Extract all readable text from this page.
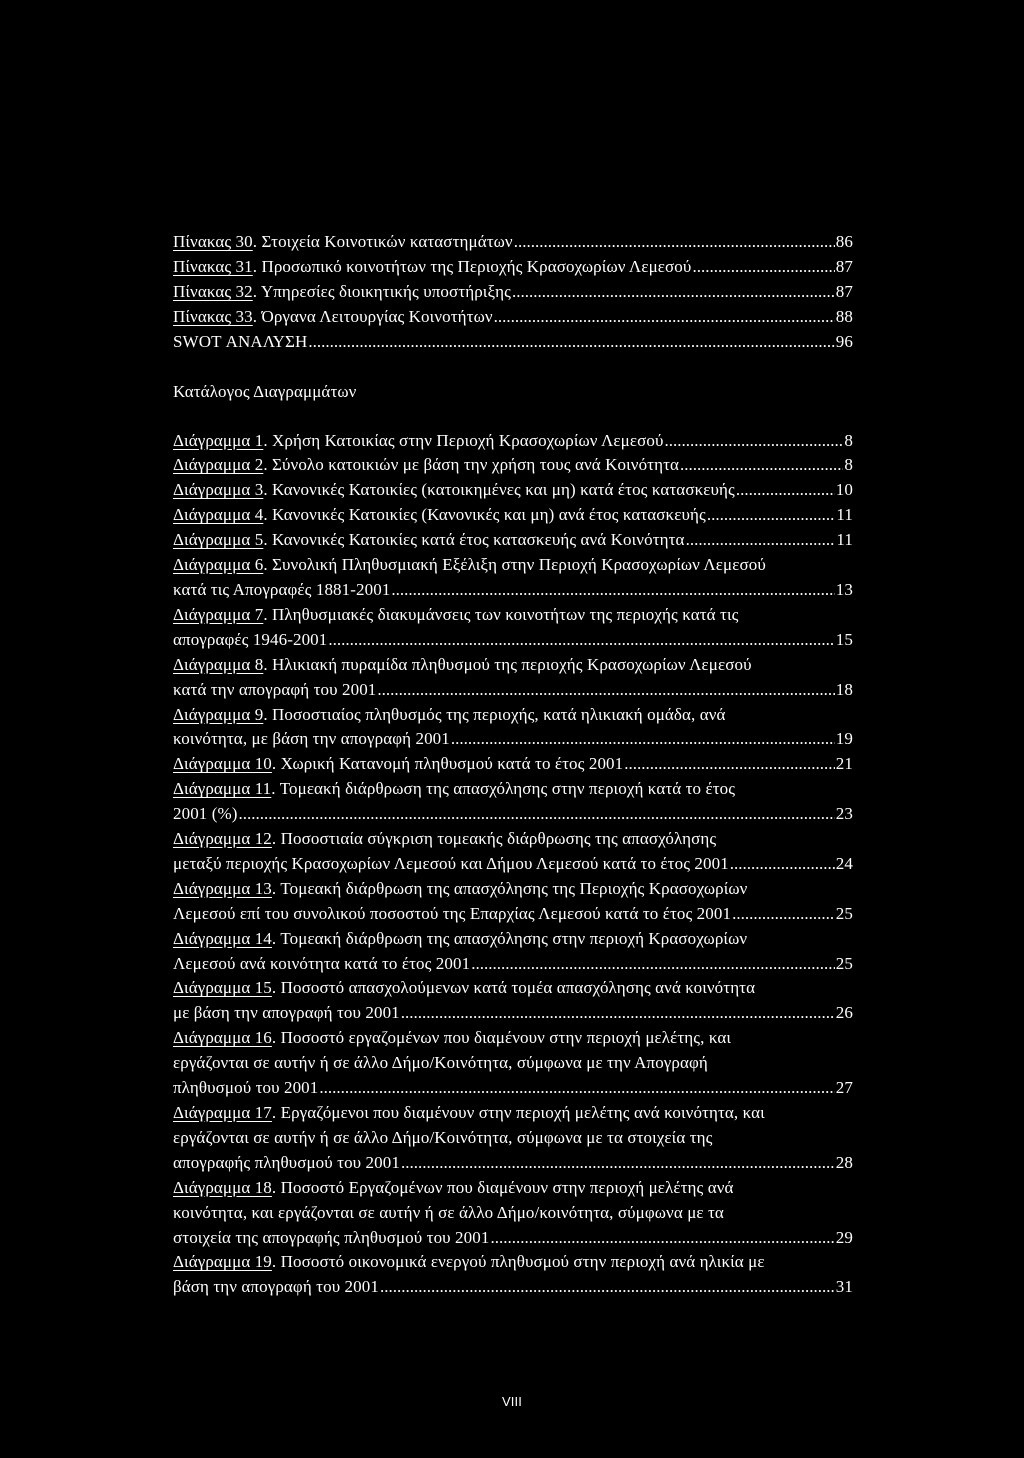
Πίνακας 30. Στοιχεία Κοινοτικών καταστημάτων .....	86
Πίνακας 31. Προσωπικό κοινοτήτων της Περιοχής Κρασοχωρίων Λεμεσού .....	87
Πίνακας 32. Υπηρεσίες διοικητικής υποστήριξης .....	87
Πίνακας 33. Όργανα Λειτουργίας Κοινοτήτων .....	88
SWOT ΑΝΑΛΥΣΗ .....	96
Κατάλογος Διαγραμμάτων
Διάγραμμα 1. Χρήση Κατοικίας στην Περιοχή Κρασοχωρίων Λεμεσού .....	8
Διάγραμμα 2. Σύνολο κατοικιών με βάση την χρήση τους ανά Κοινότητα .....	8
Διάγραμμα 3. Κανονικές Κατοικίες (κατοικημένες και μη) κατά έτος κατασκευής .....	10
Διάγραμμα 4. Κανονικές Κατοικίες (Κανονικές και μη) ανά έτος κατασκευής .....	11
Διάγραμμα 5. Κανονικές Κατοικίες κατά έτος κατασκευής ανά Κοινότητα .....	11
Διάγραμμα 6. Συνολική Πληθυσμιακή Εξέλιξη στην Περιοχή Κρασοχωρίων Λεμεσού
κατά τις Απογραφές 1881-2001 .....	13
Διάγραμμα 7. Πληθυσμιακές διακυμάνσεις των κοινοτήτων της περιοχής κατά τις
απογραφές 1946-2001 .....	15
Διάγραμμα 8. Ηλικιακή πυραμίδα πληθυσμού της περιοχής Κρασοχωρίων Λεμεσού
κατά την απογραφή του 2001 .....	18
Διάγραμμα 9. Ποσοστιαίος πληθυσμός της περιοχής, κατά ηλικιακή ομάδα, ανά
κοινότητα, με βάση την απογραφή 2001 .....	19
Διάγραμμα 10. Χωρική Κατανομή πληθυσμού κατά το έτος 2001 .....	21
Διάγραμμα 11. Τομεακή διάρθρωση της απασχόλησης στην περιοχή κατά το έτος
2001 (%) .....	23
Διάγραμμα 12. Ποσοστιαία σύγκριση τομεακής διάρθρωσης της απασχόλησης
μεταξύ περιοχής Κρασοχωρίων Λεμεσού και Δήμου Λεμεσού κατά το έτος 2001 .....	24
Διάγραμμα 13. Τομεακή διάρθρωση της απασχόλησης της Περιοχής Κρασοχωρίων
Λεμεσού επί του συνολικού ποσοστού της Επαρχίας Λεμεσού κατά το έτος 2001 .....	25
Διάγραμμα 14. Τομεακή διάρθρωση της απασχόλησης στην περιοχή Κρασοχωρίων
Λεμεσού ανά κοινότητα κατά το έτος 2001 .....	25
Διάγραμμα 15. Ποσοστό απασχολούμενων κατά τομέα απασχόλησης ανά κοινότητα
με βάση την απογραφή του 2001 .....	26
Διάγραμμα 16. Ποσοστό εργαζομένων που διαμένουν στην περιοχή μελέτης, και
εργάζονται σε αυτήν ή σε άλλο Δήμο/Κοινότητα, σύμφωνα με την Απογραφή
πληθυσμού του 2001 .....	27
Διάγραμμα 17. Εργαζόμενοι που διαμένουν στην περιοχή μελέτης ανά κοινότητα, και
εργάζονται σε αυτήν ή σε άλλο Δήμο/Κοινότητα, σύμφωνα με τα στοιχεία της
απογραφής πληθυσμού του 2001 .....	28
Διάγραμμα 18. Ποσοστό Εργαζομένων που διαμένουν στην περιοχή μελέτης ανά
κοινότητα, και εργάζονται σε αυτήν ή σε άλλο Δήμο/κοινότητα, σύμφωνα με τα
στοιχεία της απογραφής πληθυσμού του 2001 .....	29
Διάγραμμα 19. Ποσοστό οικονομικά ενεργού πληθυσμού στην περιοχή ανά ηλικία με
βάση την απογραφή του 2001 .....	31
VIII
